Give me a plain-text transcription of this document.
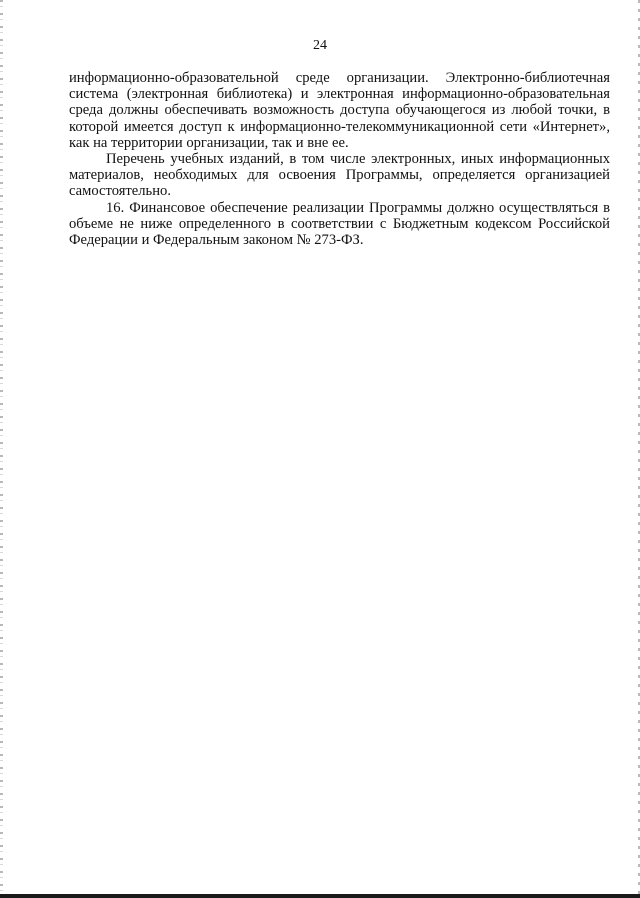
24

информационно-образовательной среде организации. Электронно-библиотечная система (электронная библиотека) и электронная информационно-образовательная среда должны обеспечивать возможность доступа обучающегося из любой точки, в которой имеется доступ к информационно-телекоммуникационной сети «Интернет», как на территории организации, так и вне ее.

Перечень учебных изданий, в том числе электронных, иных информационных материалов, необходимых для освоения Программы, определяется организацией самостоятельно.

16. Финансовое обеспечение реализации Программы должно осуществляться в объеме не ниже определенного в соответствии с Бюджетным кодексом Российской Федерации и Федеральным законом № 273-ФЗ.
